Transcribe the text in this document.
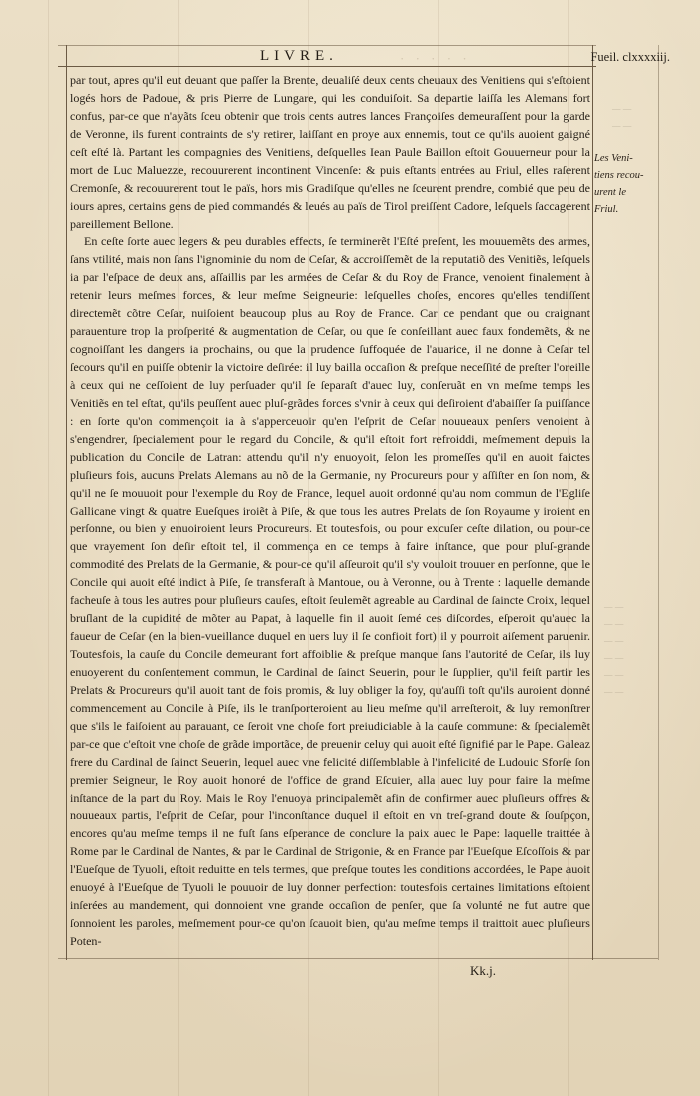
— —
— —
— —
— —
— —
— —
— —
— —
LIVRE.	· · · · ·	Fueil. clxxxxiij.

par tout, apres qu'il eut deuant que paſſer la Brente, deualiſé deux cents cheuaux des Venitiens qui s'eſtoient logés hors de Padoue, & pris Pierre de Lungare, qui les conduiſoit. Sa departie laiſſa les Alemans fort confus, par-ce que n'ayãts ſceu obtenir que trois cents autres lances Françoiſes demeuraſſent pour la garde de Veronne, ils furent contraints de s'y retirer, laiſſant en proye aux ennemis, tout ce qu'ils auoient gaigné ceſt eſté là. Partant les compagnies des Venitiens, deſquelles Iean Paule Baillon eſtoit Gouuerneur pour la mort de Luc Maluezze, recouurerent incontinent Vincenſe: & puis eſtants entrées au Friul, elles raſerent Cremonſe, & recouurerent tout le païs, hors mis Gradiſque qu'elles ne ſceurent prendre, combié que peu de iours apres, certains gens de pied commandés & leués au païs de Tirol preiſſent Cadore, leſquels ſaccagerent pareillement Bellone.

En ceſte ſorte auec legers & peu durables effects, ſe terminerẽt l'Eſté preſent, les mouuemẽts des armes, ſans vtilité, mais non ſans l'ignominie du nom de Ceſar, & accroiſſemẽt de la reputatiõ des Venitiẽs, leſquels ia par l'eſpace de deux ans, aſſaillis par les armées de Ceſar & du Roy de France, venoient finalement à retenir leurs meſmes forces, & leur meſme Seigneurie: leſquelles choſes, encores qu'elles tendiſſent directemẽt cõtre Ceſar, nuiſoient beaucoup plus au Roy de France. Car ce pendant que ou craignant parauenture trop la proſperité & augmentation de Ceſar, ou que ſe conſeillant auec faux fondemẽts, & ne cognoiſſant les dangers ia prochains, ou que la prudence ſuffoquée de l'auarice, il ne donne à Ceſar tel ſecours qu'il en puiſſe obtenir la victoire deſirée: il luy bailla occaſion & preſque neceſſité de preſter l'oreille à ceux qui ne ceſſoient de luy perſuader qu'il ſe ſeparaſt d'auec luy, conſeruãt en vn meſme temps les Venitiẽs en tel eſtat, qu'ils peuſſent auec pluſ-grãdes forces s'vnir à ceux qui deſiroient d'abaiſſer ſa puiſſance : en ſorte qu'on commençoit ia à s'apperceuoir qu'en l'eſprit de Ceſar nouueaux penſers venoient à s'engendrer, ſpecialement pour le regard du Concile, & qu'il eſtoit fort refroiddi, meſmement depuis la publication du Concile de Latran: attendu qu'il n'y enuoyoit, ſelon les promeſſes qu'il en auoit faictes pluſieurs fois, aucuns Prelats Alemans au nõ de la Germanie, ny Procureurs pour y aſſiſter en ſon nom, & qu'il ne ſe mouuoit pour l'exemple du Roy de France, lequel auoit ordonné qu'au nom commun de l'Egliſe Gallicane vingt & quatre Eueſques iroiẽt à Piſe, & que tous les autres Prelats de ſon Royaume y iroient en perſonne, ou bien y enuoiroient leurs Procureurs. Et toutesfois, ou pour excuſer ceſte dilation, ou pour-ce que vrayement ſon deſir eſtoit tel, il commença en ce temps à faire inſtance, que pour pluſ-grande commodité des Prelats de la Germanie, & pour-ce qu'il aſſeuroit qu'il s'y vouloit trouuer en perſonne, que le Concile qui auoit eſté indict à Piſe, ſe transferaſt à Mantoue, ou à Veronne, ou à Trente : laquelle demande facheuſe à tous les autres pour pluſieurs cauſes, eſtoit ſeulemẽt agreable au Cardinal de ſaincte Croix, lequel bruſlant de la cupidité de mõter au Papat, à laquelle fin il auoit ſemé ces diſcordes, eſperoit qu'auec la faueur de Ceſar (en la bien-vueillance duquel en uers luy il ſe confioit fort) il y pourroit aiſement paruenir. Toutesfois, la cauſe du Concile demeurant fort affoiblie & preſque manque ſans l'autorité de Ceſar, ils luy enuoyerent du conſentement commun, le Cardinal de ſainct Seuerin, pour le ſupplier, qu'il feiſt partir les Prelats & Procureurs qu'il auoit tant de fois promis, & luy obliger la foy, qu'auſſi toſt qu'ils auroient donné commencement au Concile à Piſe, ils le tranſporteroient au lieu meſme qu'il arreſteroit, & luy remonſtrer que s'ils le faiſoient au parauant, ce ſeroit vne choſe fort preiudiciable à la cauſe commune: & ſpecialemẽt par-ce que c'eſtoit vne choſe de grãde importãce, de preuenir celuy qui auoit eſté ſignifié par le Pape. Galeaz frere du Cardinal de ſainct Seuerin, lequel auec vne felicité diſſemblable à l'infelicité de Ludouic Sforſe ſon premier Seigneur, le Roy auoit honoré de l'office de grand Eſcuier, alla auec luy pour faire la meſme inſtance de la part du Roy. Mais le Roy l'enuoya principalemẽt afin de confirmer auec pluſieurs offres & nouueaux partis, l'eſprit de Ceſar, pour l'inconſtance duquel il eſtoit en vn treſ-grand doute & ſouſpçon, encores qu'au meſme temps il ne fuſt ſans eſperance de conclure la paix auec le Pape: laquelle traittée à Rome par le Cardinal de Nantes, & par le Cardinal de Strigonie, & en France par l'Eueſque Eſcoſſois & par l'Eueſque de Tyuoli, eſtoit reduitte en tels termes, que preſque toutes les conditions accordées, le Pape auoit enuoyé à l'Eueſque de Tyuoli le pouuoir de luy donner perfection: toutesfois certaines limitations eſtoient inſerées au mandement, qui donnoient vne grande occaſion de penſer, que ſa volunté ne fut autre que ſonnoient les paroles, meſmement pour-ce qu'on ſcauoit bien, qu'au meſme temps il traittoit auec pluſieurs Poten-

Les Veni-
tiens recou-
urent le
Friul.
Kk.j.
